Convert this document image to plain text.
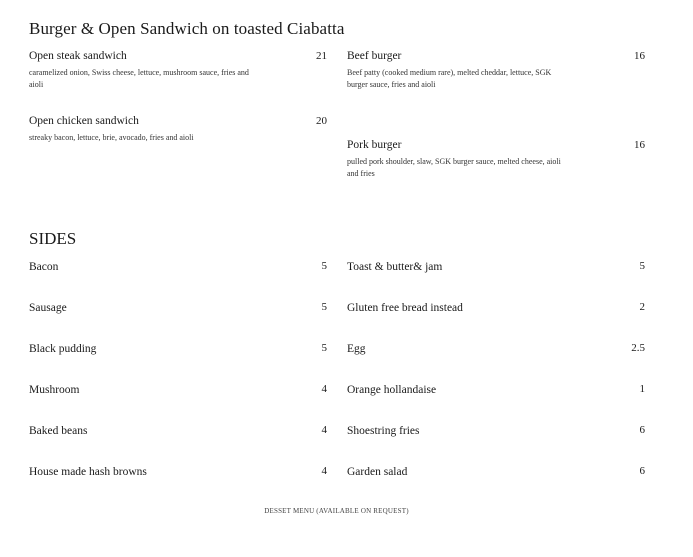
Burger & Open Sandwich on toasted Ciabatta
Open steak sandwich	21
caramelized onion, Swiss cheese, lettuce, mushroom sauce, fries and aioli
Open chicken sandwich	20
streaky bacon, lettuce, brie, avocado, fries and aioli
Beef burger	16
Beef patty (cooked medium rare), melted cheddar, lettuce, SGK burger sauce, fries and aioli
Pork burger	16
pulled pork shoulder, slaw, SGK burger sauce, melted cheese, aioli and fries
SIDES
Bacon	5
Sausage	5
Black pudding	5
Mushroom	4
Baked beans	4
House made hash browns	4
Toast & butter& jam	5
Gluten free bread instead	2
Egg	2.5
Orange hollandaise	1
Shoestring fries	6
Garden salad	6
DESSET MENU (AVAILABLE ON REQUEST)
